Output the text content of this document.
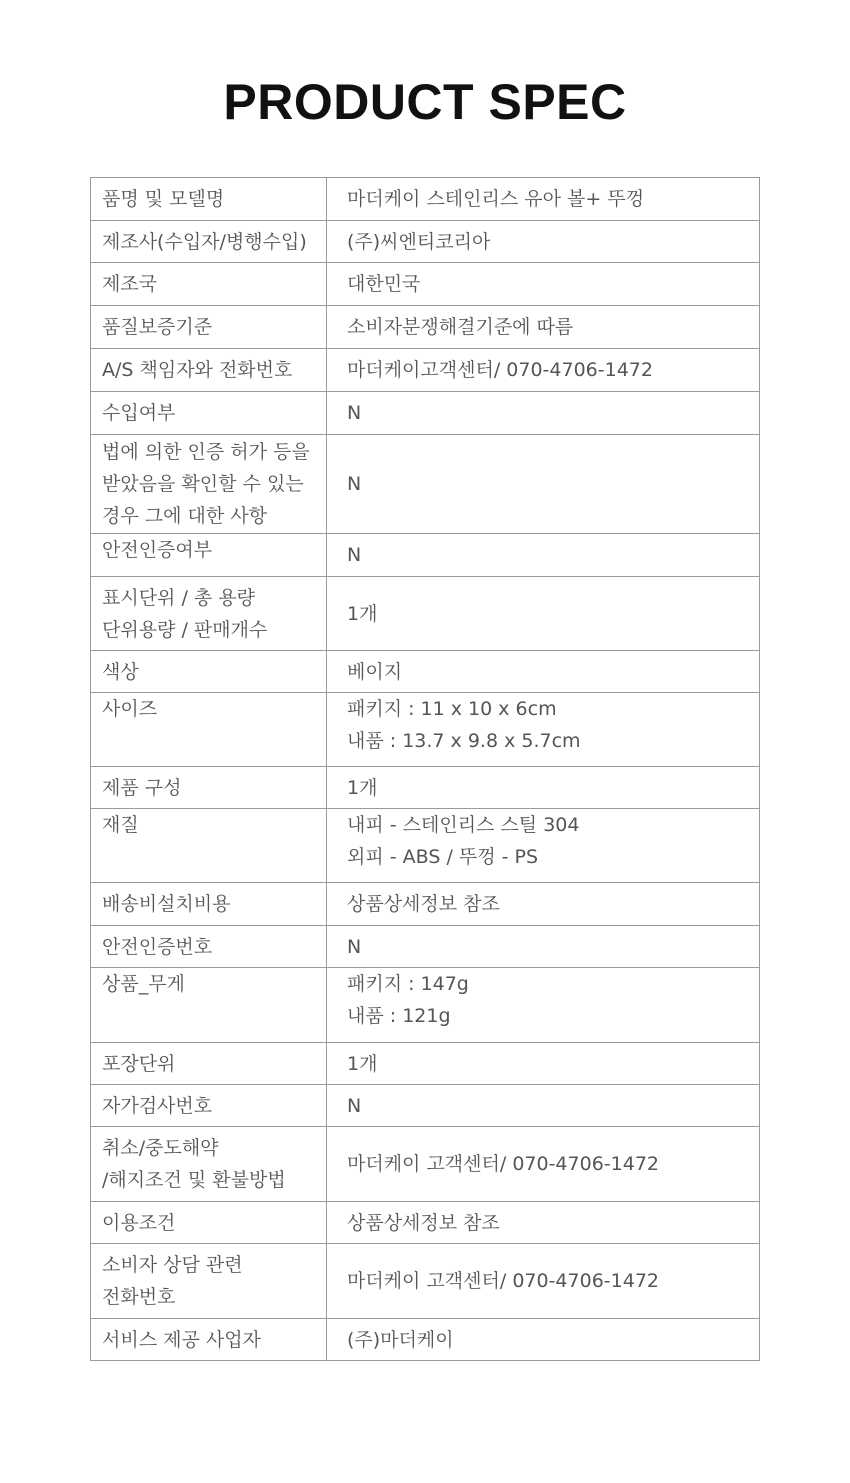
PRODUCT SPEC
품명 및 모델명	마더케이 스테인리스 유아 볼+ 뚜껑

제조사(수입자/병행수입)	(주)씨엔티코리아

제조국	대한민국

품질보증기준	소비자분쟁해결기준에 따름

A/S 책임자와 전화번호	마더케이고객센터/ 070-4706-1472

수입여부	N

법에 의한 인증 허가 등을
받았음을 확인할 수 있는
경우 그에 대한 사항	N

안전인증여부	N

표시단위 / 총 용량
단위용량 / 판매개수	1개

색상	베이지

사이즈	패키지 : 11 x 10 x 6cm
내품 : 13.7 x 9.8 x 5.7cm

제품 구성	1개

재질	내피 - 스테인리스 스틸 304
외피 - ABS / 뚜껑 - PS

배송비설치비용	상품상세정보 참조

안전인증번호	N

상품_무게	패키지 : 147g
내품 : 121g

포장단위	1개

자가검사번호	N

취소/중도해약
/해지조건 및 환불방법	마더케이 고객센터/ 070-4706-1472

이용조건	상품상세정보 참조

소비자 상담 관련
전화번호	마더케이 고객센터/ 070-4706-1472

서비스 제공 사업자	(주)마더케이
